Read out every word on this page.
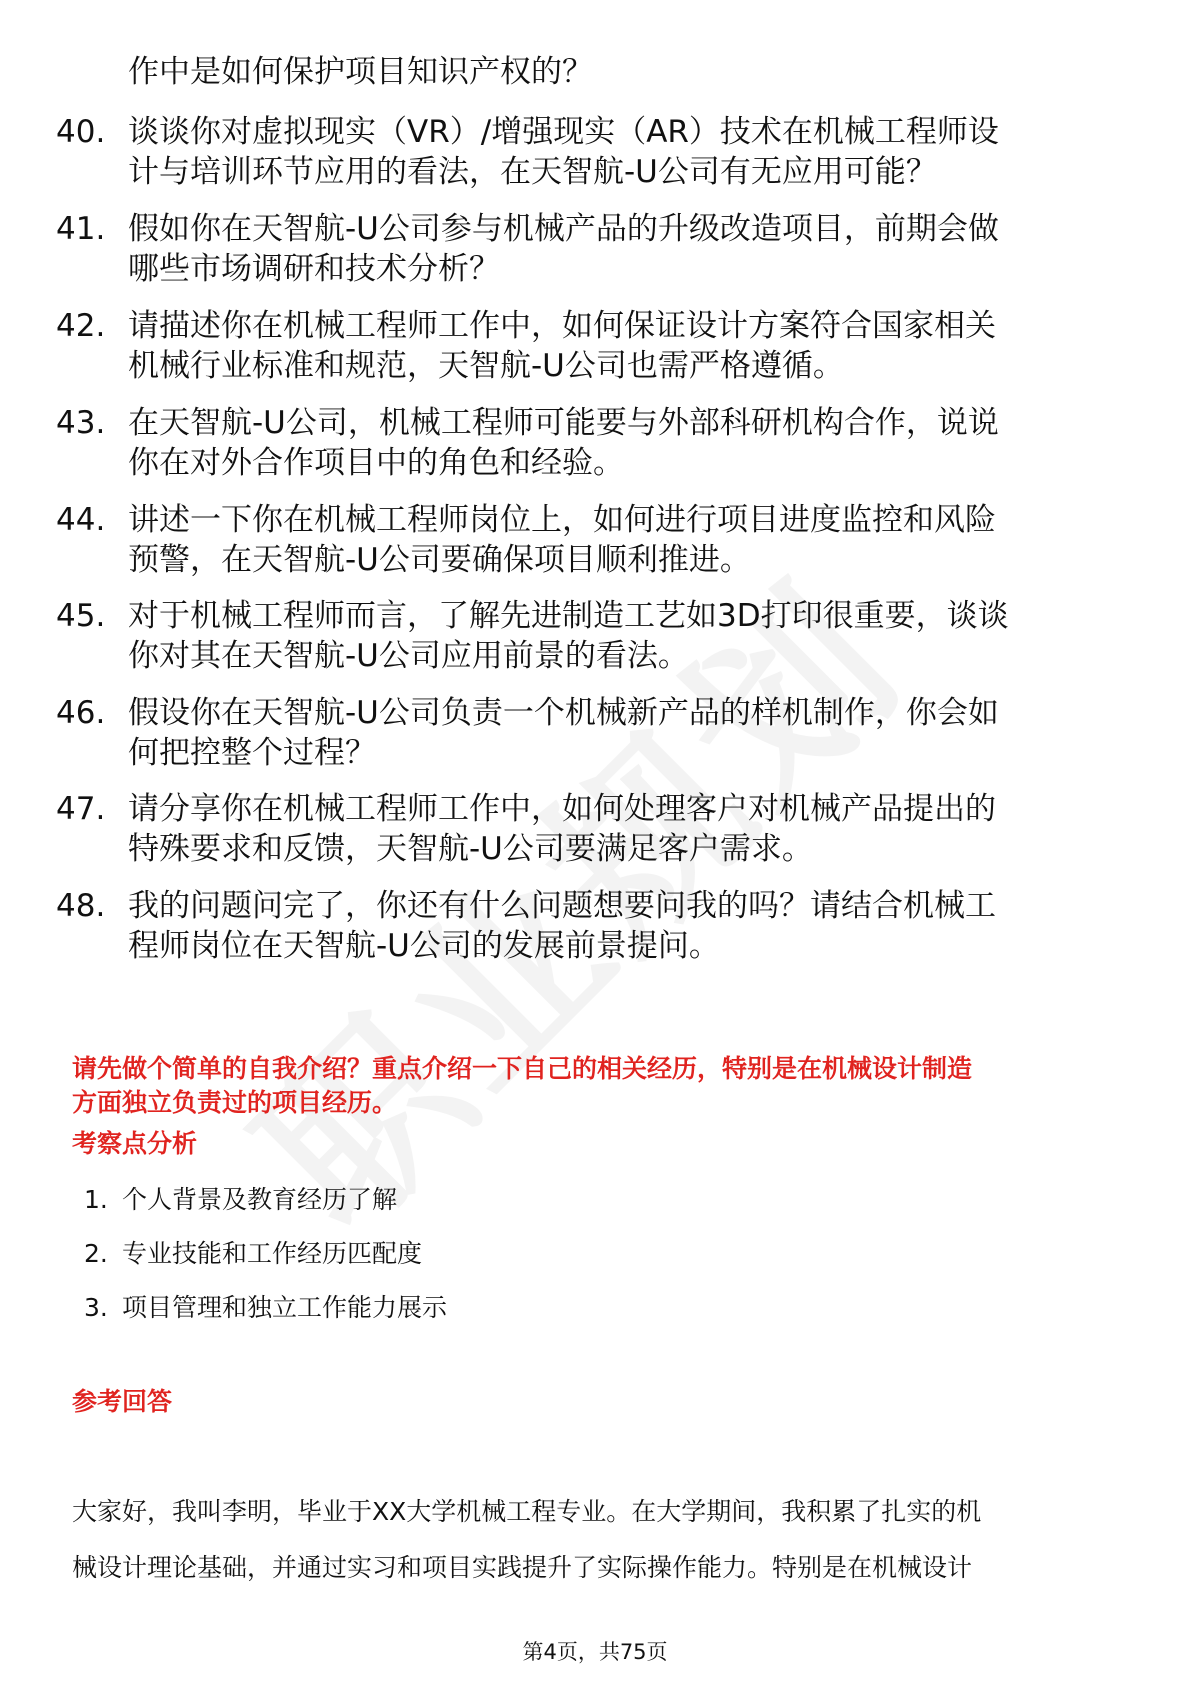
作中是如何保护项目知识产权的？
40. 谈谈你对虚拟现实（VR）/增强现实（AR）技术在机械工程师设
计与培训环节应用的看法，在天智航-U公司有无应用可能？
41. 假如你在天智航-U公司参与机械产品的升级改造项目，前期会做
哪些市场调研和技术分析？
42. 请描述你在机械工程师工作中，如何保证设计方案符合国家相关
机械行业标准和规范，天智航-U公司也需严格遵循。
43. 在天智航-U公司，机械工程师可能要与外部科研机构合作，说说
你在对外合作项目中的角色和经验。
44. 讲述一下你在机械工程师岗位上，如何进行项目进度监控和风险
预警，在天智航-U公司要确保项目顺利推进。
45. 对于机械工程师而言，了解先进制造工艺如3D打印很重要，谈谈
你对其在天智航-U公司应用前景的看法。
46. 假设你在天智航-U公司负责一个机械新产品的样机制作，你会如
何把控整个过程？
47. 请分享你在机械工程师工作中，如何处理客户对机械产品提出的
特殊要求和反馈，天智航-U公司要满足客户需求。
48. 我的问题问完了，你还有什么问题想要问我的吗？请结合机械工
程师岗位在天智航-U公司的发展前景提问。
请先做个简单的自我介绍？重点介绍一下自己的相关经历，特别是在机械设计制造
方面独立负责过的项目经历。
考察点分析
1. 个人背景及教育经历了解
2. 专业技能和工作经历匹配度
3. 项目管理和独立工作能力展示
参考回答
大家好，我叫李明，毕业于XX大学机械工程专业。在大学期间，我积累了扎实的机
械设计理论基础，并通过实习和项目实践提升了实际操作能力。特别是在机械设计
第4页，共75页
